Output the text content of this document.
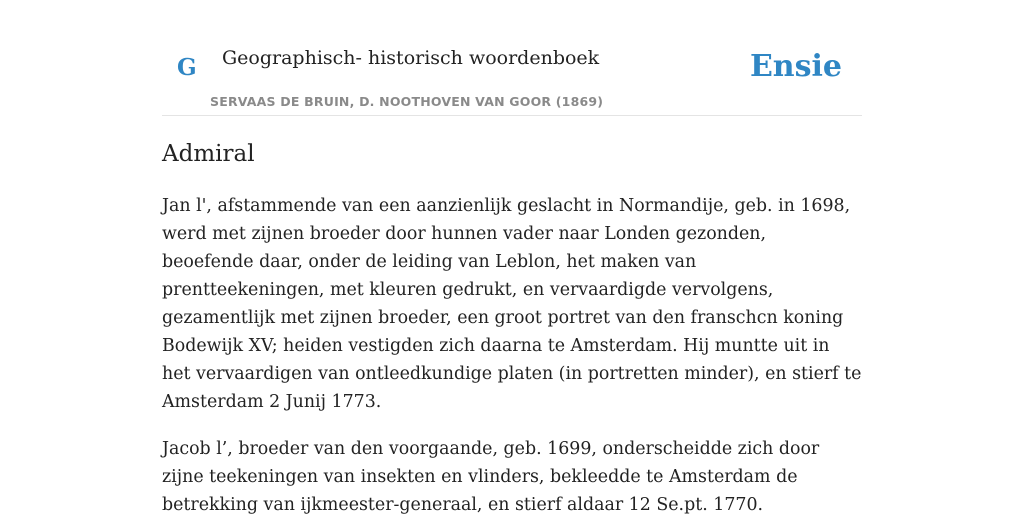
G Geographisch- historisch woordenboek
SERVAAS DE BRUIN, D. NOOTHOVEN VAN GOOR (1869)
Ensie
Admiral

Jan l', afstammende van een aanzienlijk geslacht in Normandije, geb. in 1698, werd met zijnen broeder door hunnen vader naar Londen gezonden, beoefende daar, onder de leiding van Leblon, het maken van prentteekeningen, met kleuren gedrukt, en vervaardigde vervolgens, gezamentlijk met zijnen broeder, een groot portret van den franschcn koning Bodewijk XV; heiden vestigden zich daarna te Amsterdam. Hij muntte uit in het vervaardigen van ontleedkundige platen (in portretten minder), en stierf te Amsterdam 2 Junij 1773.

Jacob l’, broeder van den voorgaande, geb. 1699, onderscheidde zich door zijne teekeningen van insekten en vlinders, bekleedde te Amsterdam de betrekking van ijkmeester-generaal, en stierf aldaar 12 Se.pt. 1770.
